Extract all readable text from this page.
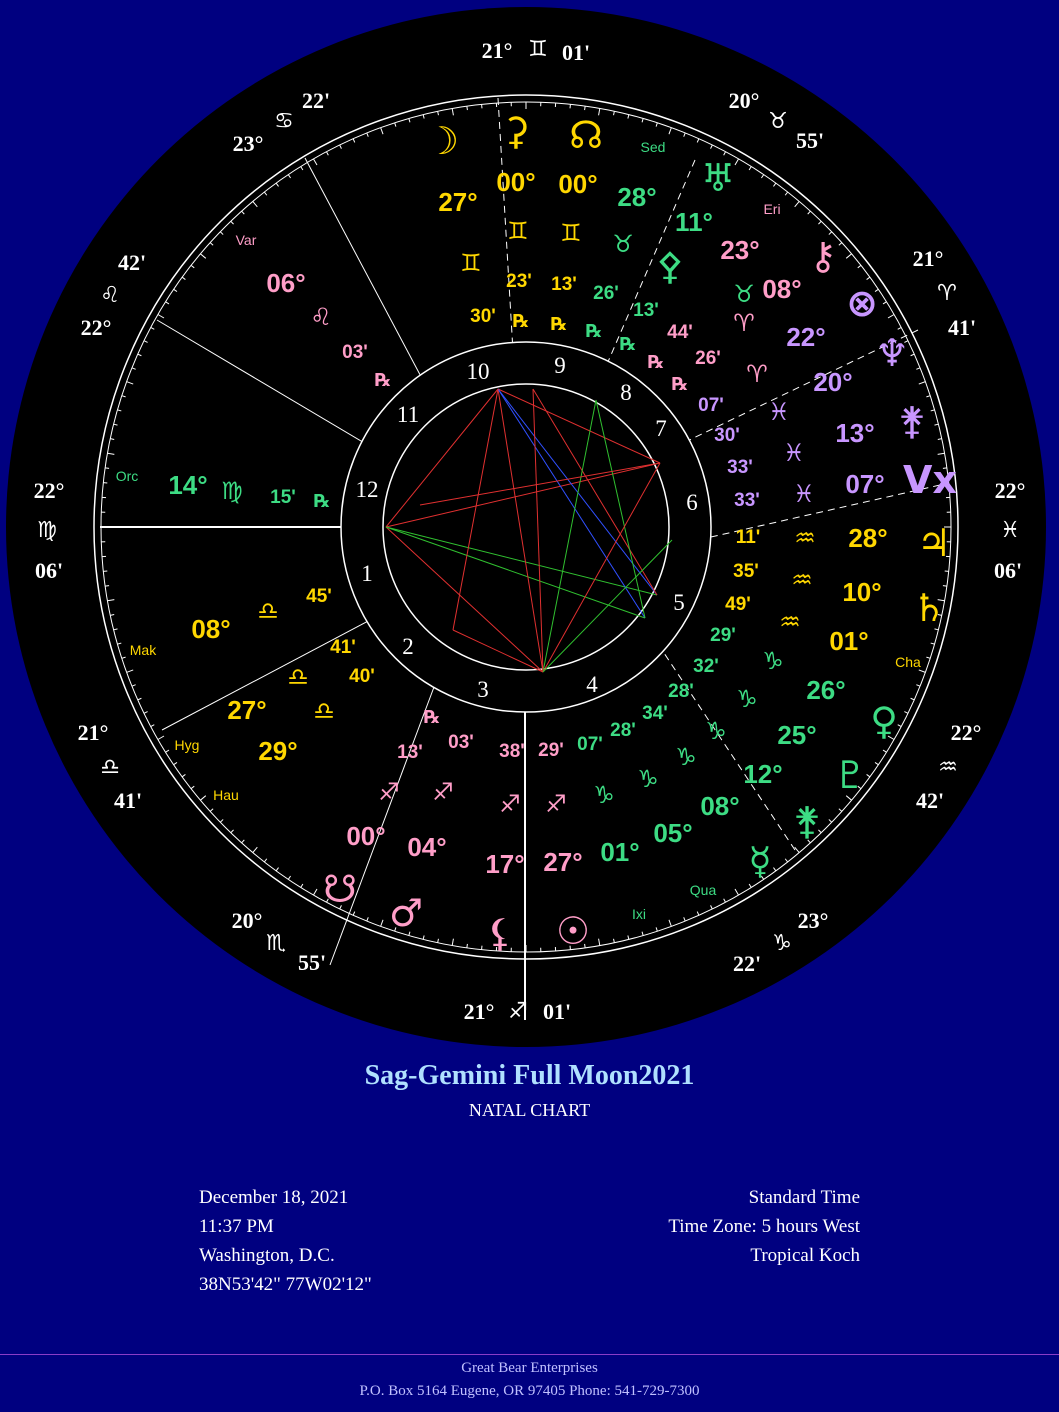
1
2
3	4
5
6
7
8
9
10
11
12
21° ♊ 01'
20°
♉
55'
21°
♈
41'
22°
♓
06'
22°
♒
42'
23°
♑
22'
21° ♐ 01'
20°
♏
55'
21°
♎
41'
22°
♍
06'
22°
♌
42'
23°
♋
22'
☽
27°
♊
30'
⚳
00°
♊
23'
℞
☊
00°
♊
13'
℞
♅
28°
♉
26'
℞
⚴
11°
♉
13'
℞
23°
♈
44'
℞
⚷
08°
♈
26'
℞
⊗
22°
♓
07'
♆
20°
♓
30'	⚵
13°
♓
33'	Vx
07°
33'
♃
28°
♒
11'
♄
10°
♒
35'
01°
♒
49'
♀
26°
♑
29'
♇
25°
♑
32'
⚵
12°
♑
28'
☿
08°
♑
34'
05°
♑
28'
01°
♑
07'
☉
27°
♐
29'
⚸
17°
♐
38'
♂
04°
♐
03'
☋
00°
♐
13'
℞
29°
♎
40'
27°
♎
41'
08°
♎
45'
14° ♍ 15' ℞
06°
♌
03'
℞
Sed
Eri
Var
Orc
Mak
Hyg
Hau
Cha
Qua
Ixi
Sag-Gemini Full Moon2021
NATAL CHART
December 18, 2021
11:37 PM
Washington, D.C.
38N53'42" 77W02'12"
Standard Time
Time Zone: 5 hours West
Tropical Koch
Great Bear Enterprises
P.O. Box 5164 Eugene, OR 97405 Phone: 541-729-7300
